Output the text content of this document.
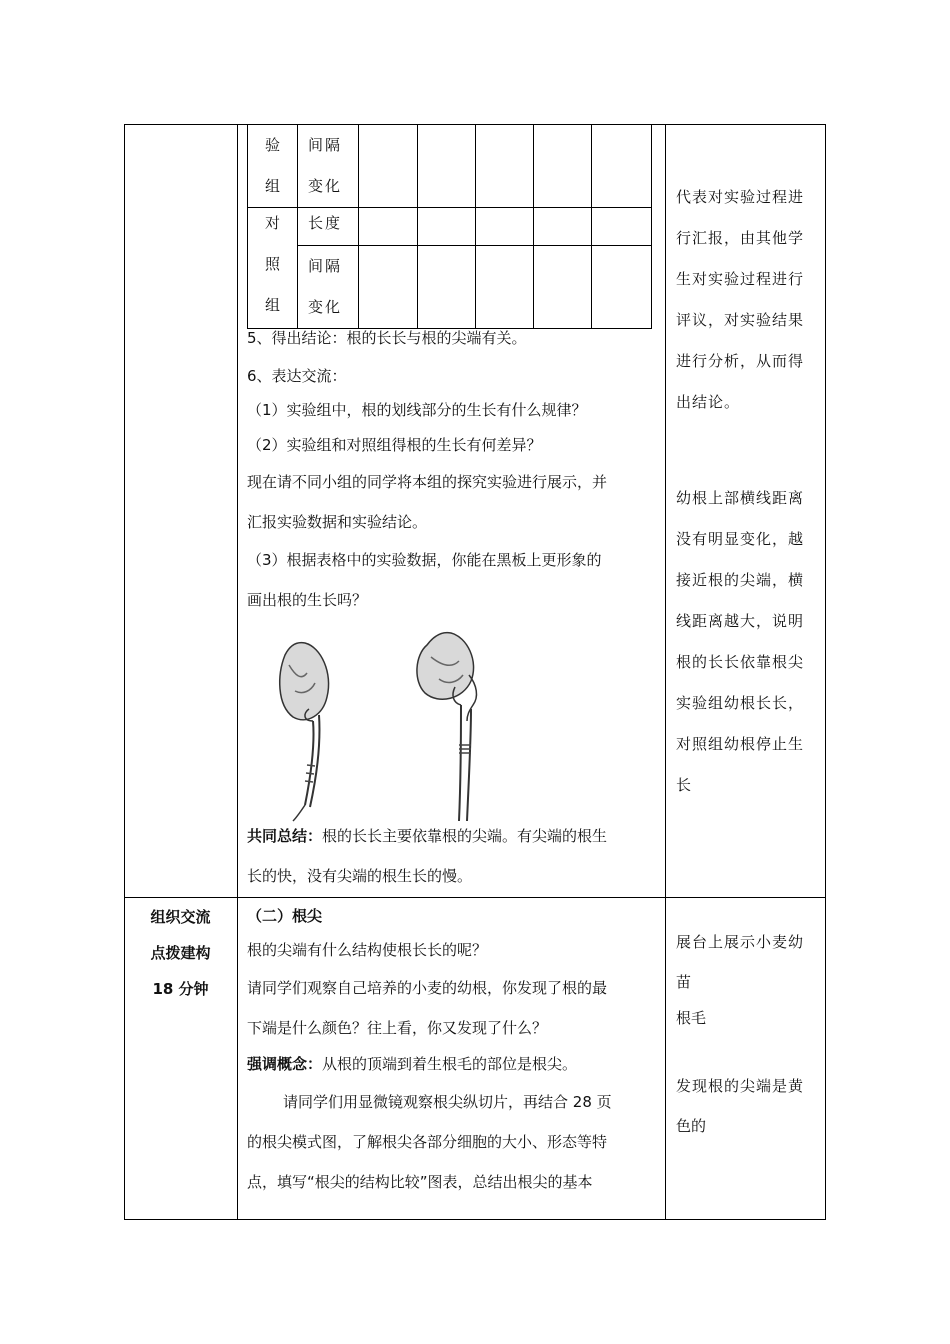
验
组	间隔
变化					

对
照
组	长度					

	间隔
变化					

5、得出结论：根的长长与根的尖端有关。
6、表达交流：
（1）实验组中，根的划线部分的生长有什么规律？
（2）实验组和对照组得根的生长有何差异？
现在请不同小组的同学将本组的探究实验进行展示，并
汇报实验数据和实验结论。
（3）根据表格中的实验数据，你能在黑板上更形象的
画出根的生长吗？
共同总结：根的长长主要依靠根的尖端。有尖端的根生
长的快，没有尖端的根生长的慢。
代表对实验过程进
行汇报，由其他学
生对实验过程进行
评议，对实验结果
进行分析，从而得
出结论。
幼根上部横线距离
没有明显变化，越
接近根的尖端，横
线距离越大，说明
根的长长依靠根尖
实验组幼根长长，
对照组幼根停止生
长
组织交流
点拨建构
18 分钟
（二）根尖
根的尖端有什么结构使根长长的呢？
请同学们观察自己培养的小麦的幼根，你发现了根的最
下端是什么颜色？往上看，你又发现了什么？
强调概念：从根的顶端到着生根毛的部位是根尖。
请同学们用显微镜观察根尖纵切片，再结合 28 页
的根尖模式图，了解根尖各部分细胞的大小、形态等特
点，填写“根尖的结构比较”图表，总结出根尖的基本
展台上展示小麦幼
苗
根毛
发现根的尖端是黄
色的
